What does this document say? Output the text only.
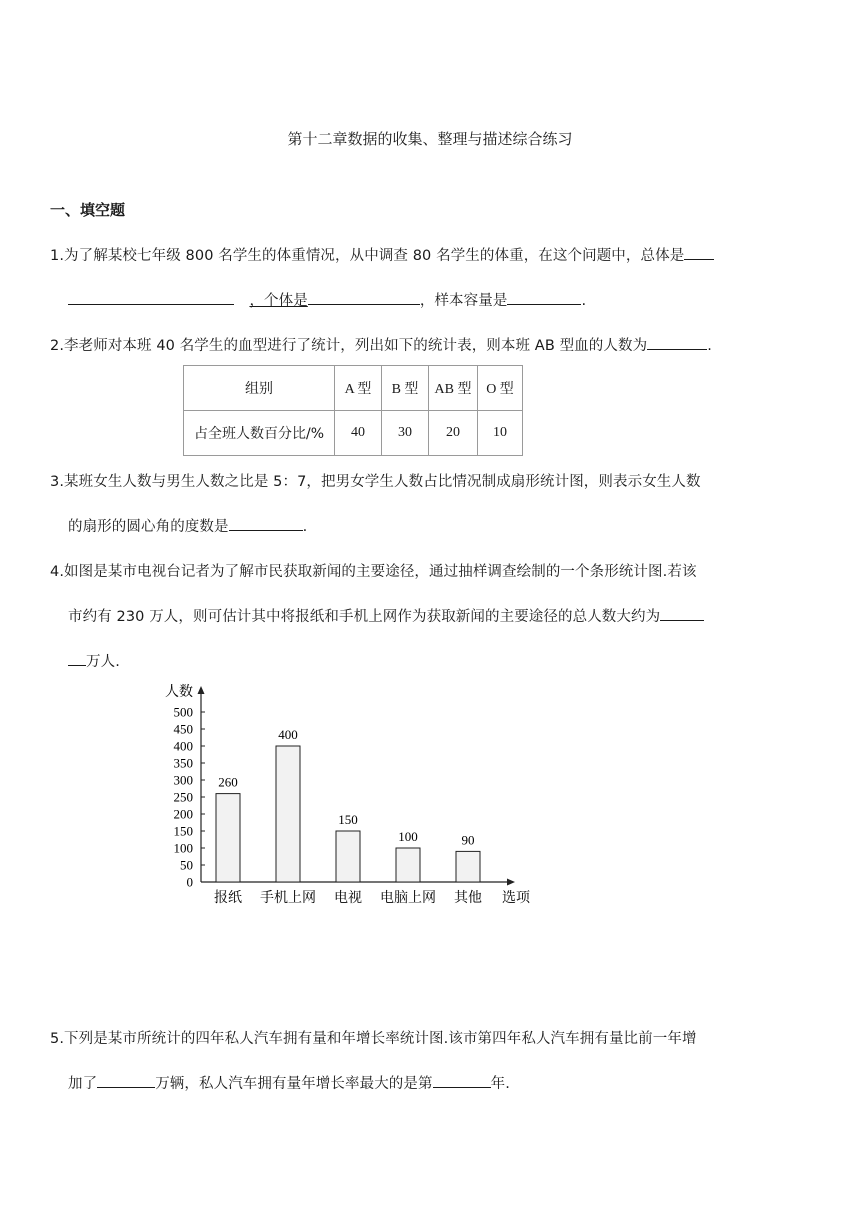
第十二章数据的收集、整理与描述综合练习
一、填空题
1.为了解某校七年级 800 名学生的体重情况，从中调查 80 名学生的体重，在这个问题中，总体是
，个体是	，样本容量是	.
2.李老师对本班 40 名学生的血型进行了统计，列出如下的统计表，则本班 AB 型血的人数为	.
组别	A 型	B 型	AB 型	O 型
占全班人数百分比/%	40	30	20	10
3.某班女生人数与男生人数之比是 5：7，把男女学生人数占比情况制成扇形统计图，则表示女生人数
的扇形的圆心角的度数是	.
4.如图是某市电视台记者为了解市民获取新闻的主要途径，通过抽样调查绘制的一个条形统计图.若该
市约有 230 万人，则可估计其中将报纸和手机上网作为获取新闻的主要途径的总人数大约为
万人.
0
50
100
150
200
250
300
350
400
450
500
人数
选项
260
报纸
400
手机上网
150
电视
100
电脑上网
90
其他
5.下列是某市所统计的四年私人汽车拥有量和年增长率统计图.该市第四年私人汽车拥有量比前一年增
加了	万辆，私人汽车拥有量年增长率最大的是第	年.
